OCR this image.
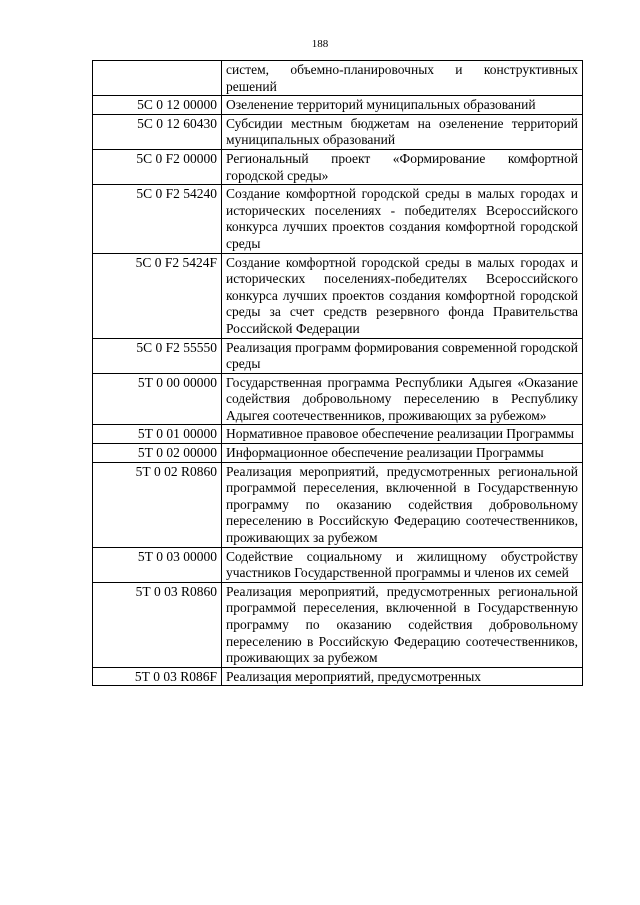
188
	систем, объемно-планировочных и конструктивных решений
5С 0 12 00000	Озеленение территорий муниципальных образований
5С 0 12 60430	Субсидии местным бюджетам на озеленение территорий муниципальных образований
5С 0 F2 00000	Региональный проект «Формирование комфортной городской среды»
5С 0 F2 54240	Создание комфортной городской среды в малых городах и исторических поселениях - победителях Всероссийского конкурса лучших проектов создания комфортной городской среды
5С 0 F2 5424F	Создание комфортной городской среды в малых городах и исторических поселениях-победителях Всероссийского конкурса лучших проектов создания комфортной городской среды за счет средств резервного фонда Правительства Российской Федерации
5С 0 F2 55550	Реализация программ формирования современной городской среды
5Т 0 00 00000	Государственная программа Республики Адыгея «Оказание содействия добровольному переселению в Республику Адыгея соотечественников, проживающих за рубежом»
5Т 0 01 00000	Нормативное правовое обеспечение реализации Программы
5Т 0 02 00000	Информационное обеспечение реализации Программы
5Т 0 02 R0860	Реализация мероприятий, предусмотренных региональной программой переселения, включенной в Государственную программу по оказанию содействия добровольному переселению в Российскую Федерацию соотечественников, проживающих за рубежом
5Т 0 03 00000	Содействие социальному и жилищному обустройству участников Государственной программы и членов их семей
5Т 0 03 R0860	Реализация мероприятий, предусмотренных региональной программой переселения, включенной в Государственную программу по оказанию содействия добровольному переселению в Российскую Федерацию соотечественников, проживающих за рубежом
5Т 0 03 R086F	Реализация мероприятий, предусмотренных
